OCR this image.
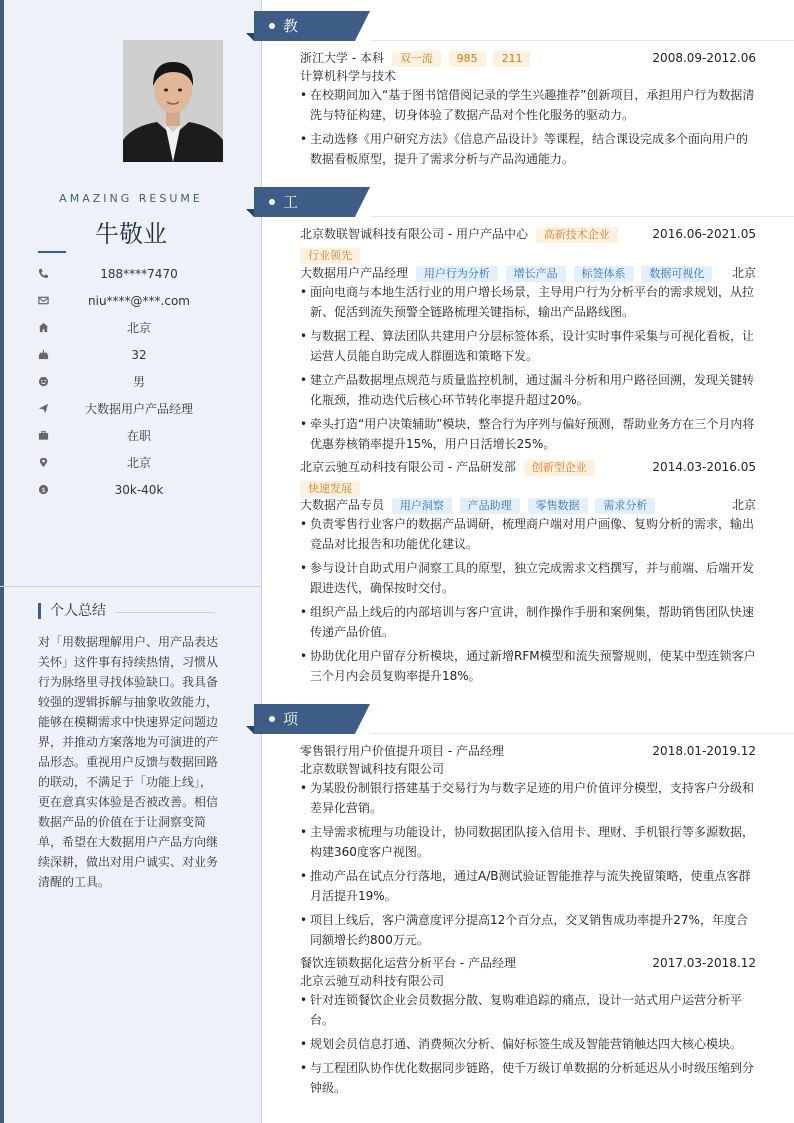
AMAZING RESUME
牛敬业
188****7470
niu****@***.com
北京
32
男
大数据用户产品经理
在职
北京
$	30k-40k
个人总结
对「用数据理解用户、用产品表达关怀」这件事有持续热情，习惯从行为脉络里寻找体验缺口。我具备较强的逻辑拆解与抽象收敛能力，能够在模糊需求中快速界定问题边界，并推动方案落地为可演进的产品形态。重视用户反馈与数据回路的联动，不满足于「功能上线」，更在意真实体验是否被改善。相信数据产品的价值在于让洞察变简单，希望在大数据用户产品方向继续深耕，做出对用户诚实、对业务清醒的工具。
教育经历
浙江大学 - 本科 双一流 985 211	2008.09-2012.06
计算机科学与技术
• 在校期间加入“基于图书馆借阅记录的学生兴趣推荐”创新项目，承担用户行为数据清洗与特征构建，切身体验了数据产品对个性化服务的驱动力。
• 主动选修《用户研究方法》《信息产品设计》等课程，结合课设完成多个面向用户的数据看板原型，提升了需求分析与产品沟通能力。
工作经历
北京数联智诚科技有限公司 - 用户产品中心 高新技术企业	2016.06-2021.05
行业领先
大数据用户产品经理 用户行为分析 增长产品 标签体系 数据可视化 北京
• 面向电商与本地生活行业的用户增长场景，主导用户行为分析平台的需求规划，从拉新、促活到流失预警全链路梳理关键指标，输出产品路线图。
• 与数据工程、算法团队共建用户分层标签体系，设计实时事件采集与可视化看板，让运营人员能自助完成人群圈选和策略下发。
• 建立产品数据埋点规范与质量监控机制，通过漏斗分析和用户路径回溯，发现关键转化瓶颈，推动迭代后核心环节转化率提升超过20%。
• 牵头打造“用户决策辅助”模块，整合行为序列与偏好预测，帮助业务方在三个月内将优惠券核销率提升15%，用户日活增长25%。
北京云驰互动科技有限公司 - 产品研发部 创新型企业	2014.03-2016.05
快速发展
大数据产品专员 用户洞察 产品助理 零售数据 需求分析	北京
• 负责零售行业客户的数据产品调研，梳理商户端对用户画像、复购分析的需求，输出竞品对比报告和功能优化建议。
• 参与设计自助式用户洞察工具的原型，独立完成需求文档撰写，并与前端、后端开发跟进迭代，确保按时交付。
• 组织产品上线后的内部培训与客户宣讲，制作操作手册和案例集，帮助销售团队快速传递产品价值。
• 协助优化用户留存分析模块，通过新增RFM模型和流失预警规则，使某中型连锁客户三个月内会员复购率提升18%。
项目经历
零售银行用户价值提升项目 - 产品经理	2018.01-2019.12
北京数联智诚科技有限公司
• 为某股份制银行搭建基于交易行为与数字足迹的用户价值评分模型，支持客户分级和差异化营销。
• 主导需求梳理与功能设计，协同数据团队接入信用卡、理财、手机银行等多源数据，构建360度客户视图。
• 推动产品在试点分行落地，通过A/B测试验证智能推荐与流失挽留策略，使重点客群月活提升19%。
• 项目上线后，客户满意度评分提高12个百分点，交叉销售成功率提升27%，年度合同额增长约800万元。
餐饮连锁数据化运营分析平台 - 产品经理	2017.03-2018.12
北京云驰互动科技有限公司
• 针对连锁餐饮企业会员数据分散、复购难追踪的痛点，设计一站式用户运营分析平台。
• 规划会员信息打通、消费频次分析、偏好标签生成及智能营销触达四大核心模块。
• 与工程团队协作优化数据同步链路，使千万级订单数据的分析延迟从小时级压缩到分钟级。
